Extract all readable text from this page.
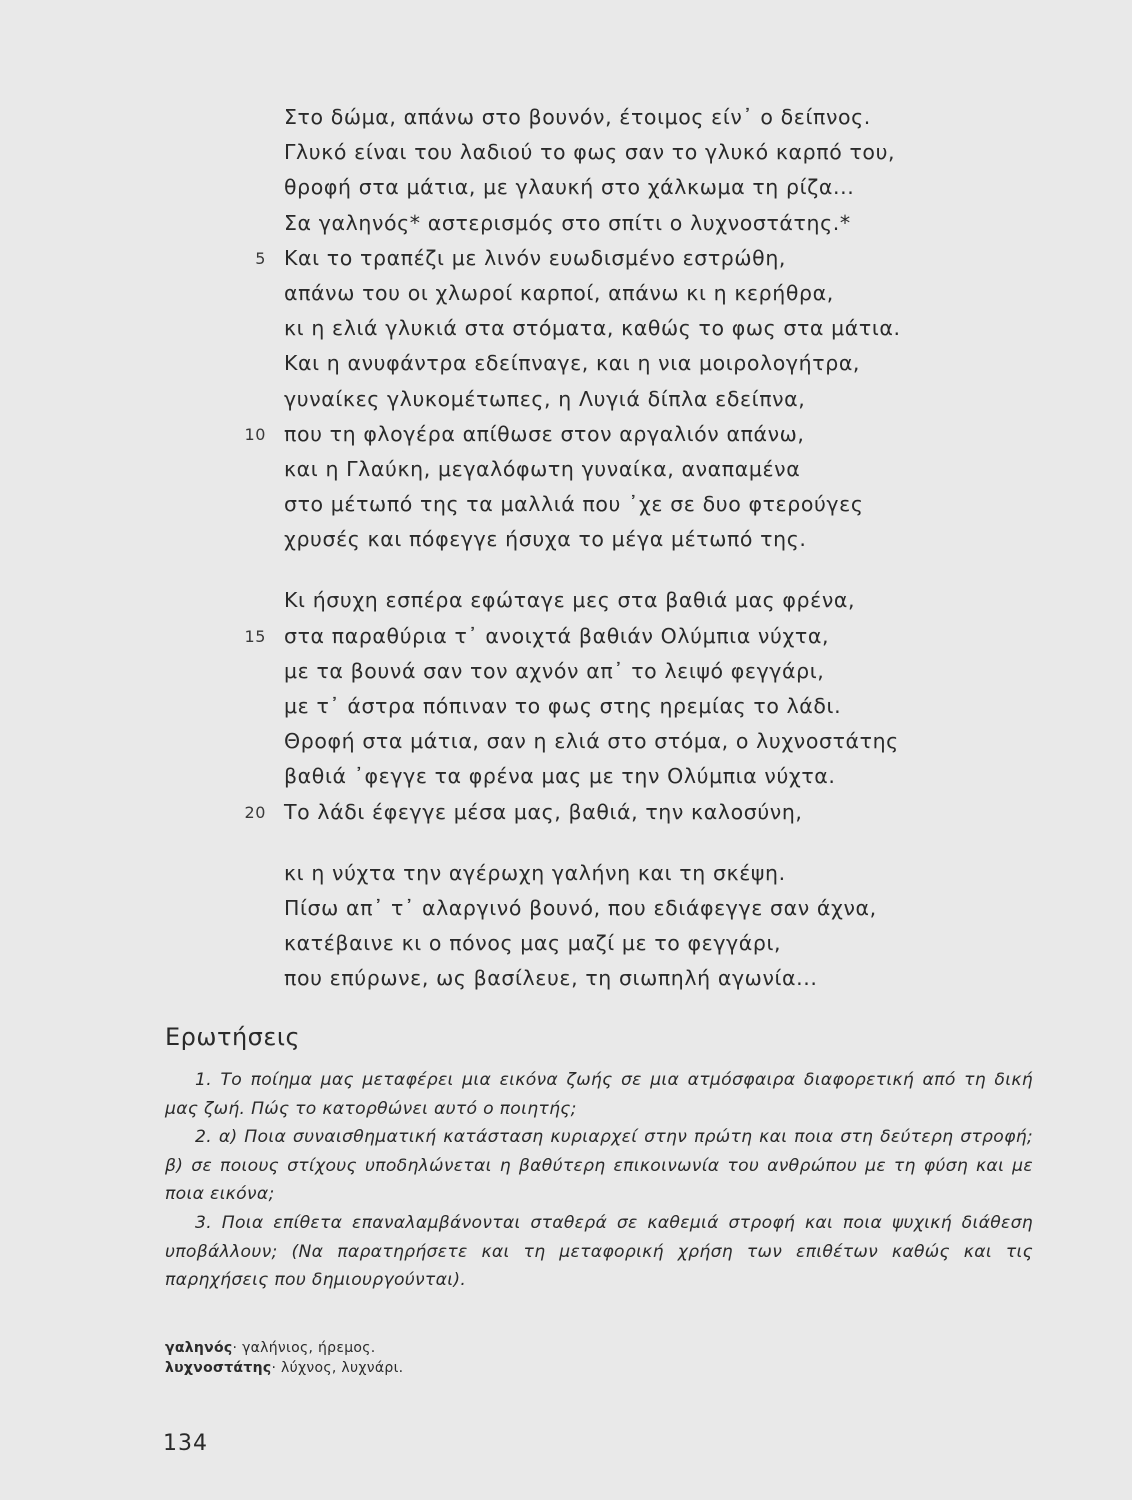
Στο δώμα, απάνω στο βουνόν, έτοιμος είν᾽ ο δείπνος.
Γλυκό είναι του λαδιού το φως σαν το γλυκό καρπό του,
θροφή στα μάτια, με γλαυκή στο χάλκωμα τη ρίζα...
Σα γαληνός* αστερισμός στο σπίτι ο λυχνοστάτης.*
5 Και το τραπέζι με λινόν ευωδισμένο εστρώθη,
απάνω του οι χλωροί καρποί, απάνω κι η κερήθρα,
κι η ελιά γλυκιά στα στόματα, καθώς το φως στα μάτια.
Και η ανυφάντρα εδείπναγε, και η νια μοιρολογήτρα,
γυναίκες γλυκομέτωπες, η Λυγιά δίπλα εδείπνα,
10 που τη φλογέρα απίθωσε στον αργαλιόν απάνω,
και η Γλαύκη, μεγαλόφωτη γυναίκα, αναπαμένα
στο μέτωπό της τα μαλλιά που ᾽χε σε δυο φτερούγες
χρυσές και πόφεγγε ήσυχα το μέγα μέτωπό της.
Κι ήσυχη εσπέρα εφώταγε μες στα βαθιά μας φρένα,
15 στα παραθύρια τ᾽ ανοιχτά βαθιάν Ολύμπια νύχτα,
με τα βουνά σαν τον αχνόν απ᾽ το λειψό φεγγάρι,
με τ᾽ άστρα πόπιναν το φως στης ηρεμίας το λάδι.
Θροφή στα μάτια, σαν η ελιά στο στόμα, ο λυχνοστάτης
βαθιά ᾽φεγγε τα φρένα μας με την Ολύμπια νύχτα.
20 Το λάδι έφεγγε μέσα μας, βαθιά, την καλοσύνη,
κι η νύχτα την αγέρωχη γαλήνη και τη σκέψη.
Πίσω απ᾽ τ᾽ αλαργινό βουνό, που εδιάφεγγε σαν άχνα,
κατέβαινε κι ο πόνος μας μαζί με το φεγγάρι,
που επύρωνε, ως βασίλευε, τη σιωπηλή αγωνία...
Ερωτήσεις

1. Το ποίημα μας μεταφέρει μια εικόνα ζωής σε μια ατμόσφαιρα διαφορετική από τη δική μας ζωή. Πώς το κατορθώνει αυτό ο ποιητής;

2. α) Ποια συναισθηματική κατάσταση κυριαρχεί στην πρώτη και ποια στη δεύτερη στροφή; β) σε ποιους στίχους υποδηλώνεται η βαθύτερη επικοινωνία του ανθρώπου με τη φύση και με ποια εικόνα;

3. Ποια επίθετα επαναλαμβάνονται σταθερά σε καθεμιά στροφή και ποια ψυχική διάθεση υποβάλλουν; (Να παρατηρήσετε και τη μεταφορική χρήση των επιθέτων καθώς και τις παρηχήσεις που δημιουργούνται).

γαληνός· γαλήνιος, ήρεμος.
λυχνοστάτης· λύχνος, λυχνάρι.
134
